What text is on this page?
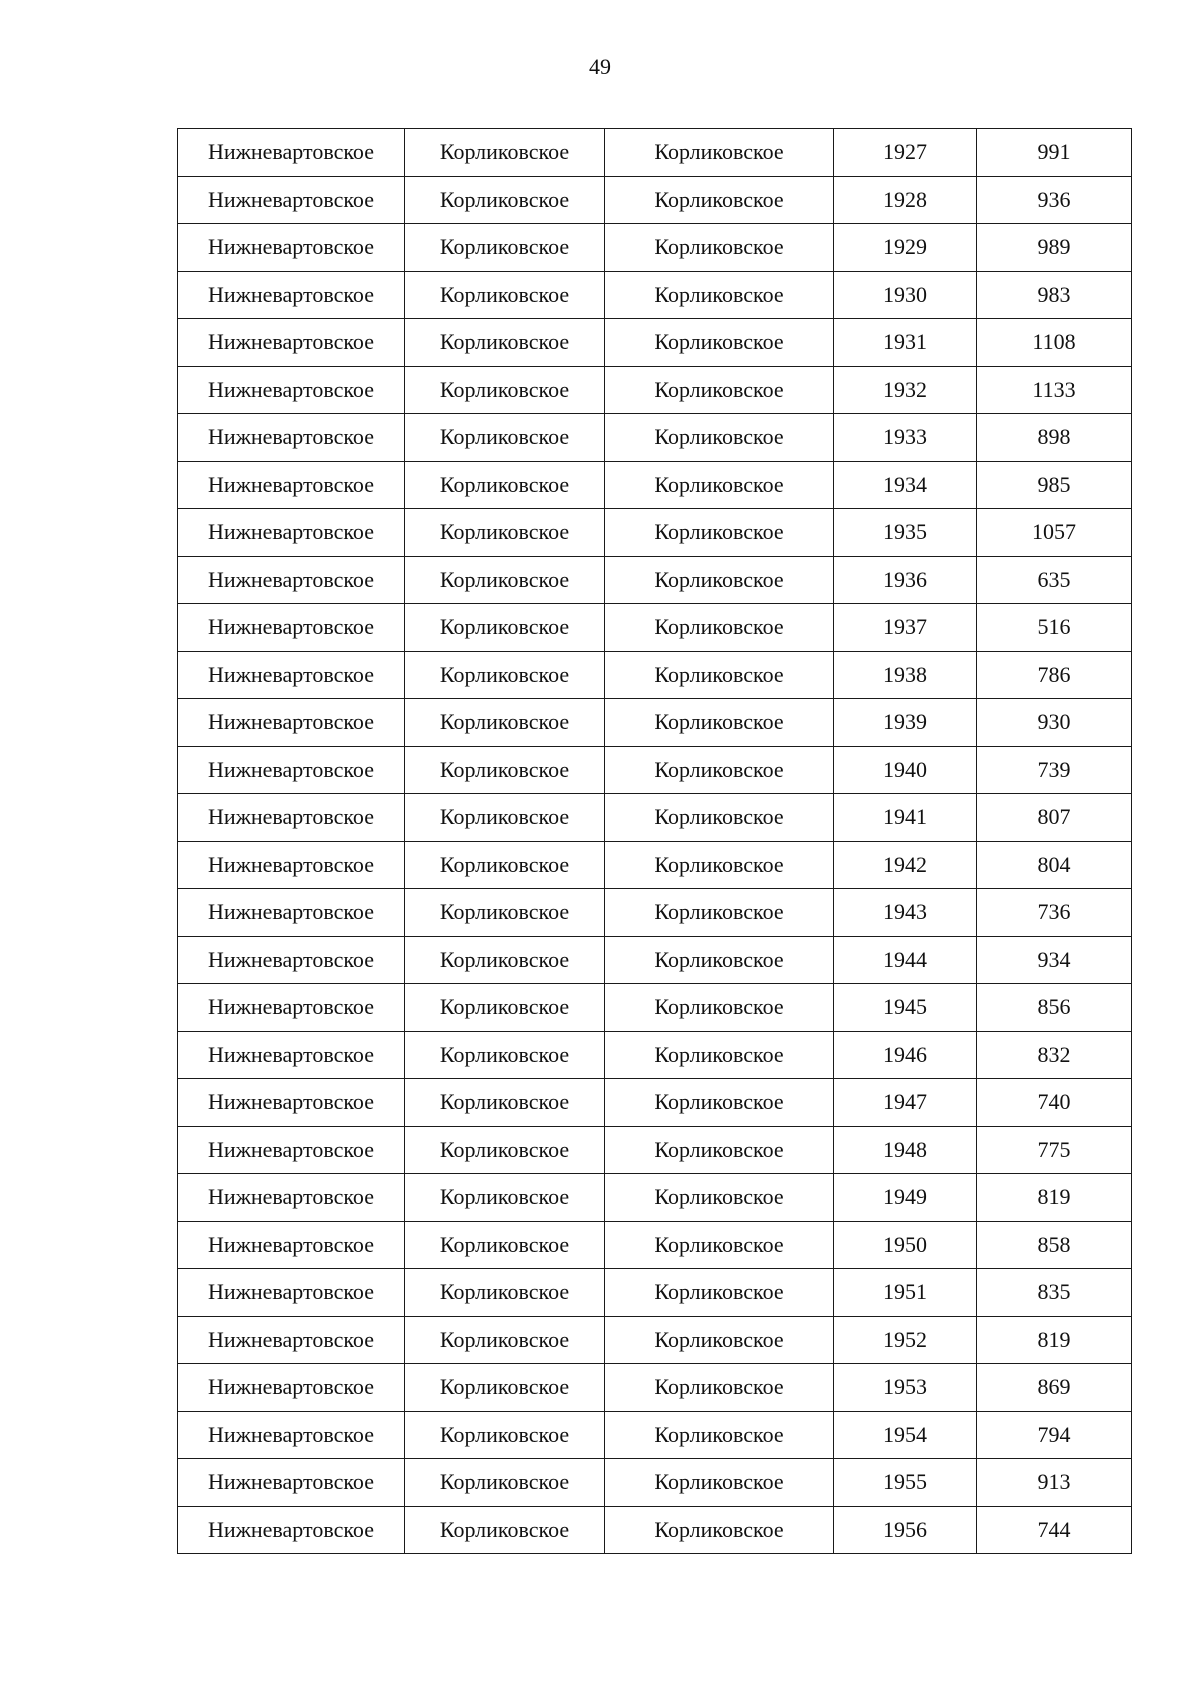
49
Нижневартовское	Корликовское	Корликовское	1927	991
Нижневартовское	Корликовское	Корликовское	1928	936
Нижневартовское	Корликовское	Корликовское	1929	989
Нижневартовское	Корликовское	Корликовское	1930	983
Нижневартовское	Корликовское	Корликовское	1931	1108
Нижневартовское	Корликовское	Корликовское	1932	1133
Нижневартовское	Корликовское	Корликовское	1933	898
Нижневартовское	Корликовское	Корликовское	1934	985
Нижневартовское	Корликовское	Корликовское	1935	1057
Нижневартовское	Корликовское	Корликовское	1936	635
Нижневартовское	Корликовское	Корликовское	1937	516
Нижневартовское	Корликовское	Корликовское	1938	786
Нижневартовское	Корликовское	Корликовское	1939	930
Нижневартовское	Корликовское	Корликовское	1940	739
Нижневартовское	Корликовское	Корликовское	1941	807
Нижневартовское	Корликовское	Корликовское	1942	804
Нижневартовское	Корликовское	Корликовское	1943	736
Нижневартовское	Корликовское	Корликовское	1944	934
Нижневартовское	Корликовское	Корликовское	1945	856
Нижневартовское	Корликовское	Корликовское	1946	832
Нижневартовское	Корликовское	Корликовское	1947	740
Нижневартовское	Корликовское	Корликовское	1948	775
Нижневартовское	Корликовское	Корликовское	1949	819
Нижневартовское	Корликовское	Корликовское	1950	858
Нижневартовское	Корликовское	Корликовское	1951	835
Нижневартовское	Корликовское	Корликовское	1952	819
Нижневартовское	Корликовское	Корликовское	1953	869
Нижневартовское	Корликовское	Корликовское	1954	794
Нижневартовское	Корликовское	Корликовское	1955	913
Нижневартовское	Корликовское	Корликовское	1956	744
